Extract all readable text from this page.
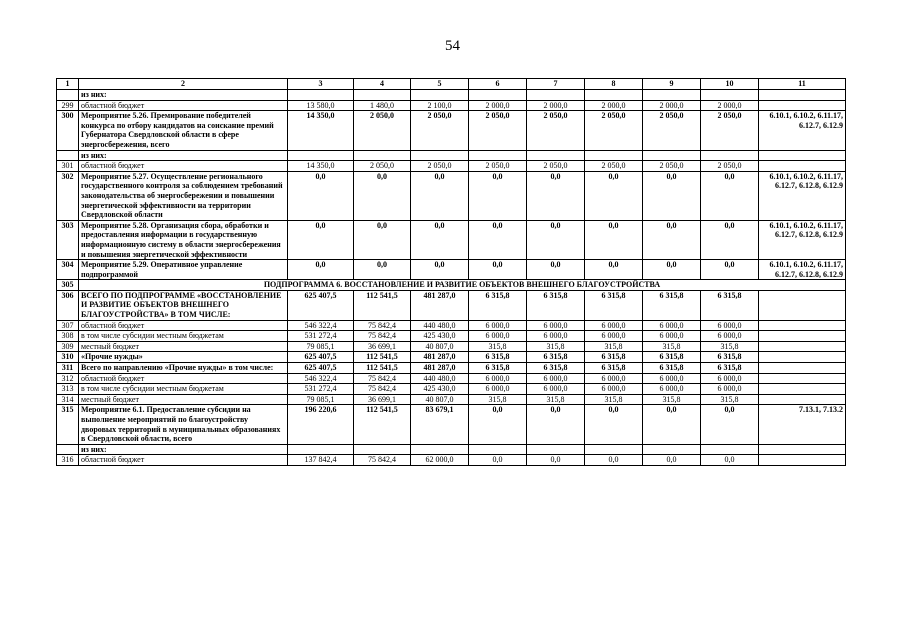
54
1	2	3	4	5	6	7	8	9	10	11
	из них:									
299	областной бюджет	13 580,0	1 480,0	2 100,0	2 000,0	2 000,0	2 000,0	2 000,0	2 000,0	
300	Мероприятие 5.26. Премирование победителей конкурса по отбору кандидатов на соискание премий Губернатора Свердловской области в сфере энергосбережения, всего	14 350,0	2 050,0	2 050,0	2 050,0	2 050,0	2 050,0	2 050,0	2 050,0	6.10.1, 6.10.2, 6.11.17, 6.12.7, 6.12.9
	из них:									
301	областной бюджет	14 350,0	2 050,0	2 050,0	2 050,0	2 050,0	2 050,0	2 050,0	2 050,0	
302	Мероприятие 5.27. Осуществление регионального государственного контроля за соблюдением требований законодательства об энергосбережении и повышении энергетической эффективности на территории Свердловской области	0,0	0,0	0,0	0,0	0,0	0,0	0,0	0,0	6.10.1, 6.10.2, 6.11.17, 6.12.7, 6.12.8, 6.12.9
303	Мероприятие 5.28. Организация сбора, обработки и предоставления информации в государственную информационную систему в области энергосбережения и повышения энергетической эффективности	0,0	0,0	0,0	0,0	0,0	0,0	0,0	0,0	6.10.1, 6.10.2, 6.11.17, 6.12.7, 6.12.8, 6.12.9
304	Мероприятие 5.29. Оперативное управление подпрограммой	0,0	0,0	0,0	0,0	0,0	0,0	0,0	0,0	6.10.1, 6.10.2, 6.11.17, 6.12.7, 6.12.8, 6.12.9
305	ПОДПРОГРАММА 6. ВОССТАНОВЛЕНИЕ И РАЗВИТИЕ ОБЪЕКТОВ ВНЕШНЕГО БЛАГОУСТРОЙСТВА									
306	ВСЕГО ПО ПОДПРОГРАММЕ «ВОССТАНОВЛЕНИЕ И РАЗВИТИЕ ОБЪЕКТОВ ВНЕШНЕГО БЛАГОУСТРОЙСТВА» В ТОМ ЧИСЛЕ:	625 407,5	112 541,5	481 287,0	6 315,8	6 315,8	6 315,8	6 315,8	6 315,8	
307	областной бюджет	546 322,4	75 842,4	440 480,0	6 000,0	6 000,0	6 000,0	6 000,0	6 000,0	
308	в том числе субсидии местным бюджетам	531 272,4	75 842,4	425 430,0	6 000,0	6 000,0	6 000,0	6 000,0	6 000,0	
309	местный бюджет	79 085,1	36 699,1	40 807,0	315,8	315,8	315,8	315,8	315,8	
310	«Прочие нужды»	625 407,5	112 541,5	481 287,0	6 315,8	6 315,8	6 315,8	6 315,8	6 315,8	
311	Всего по направлению «Прочие нужды» в том числе:	625 407,5	112 541,5	481 287,0	6 315,8	6 315,8	6 315,8	6 315,8	6 315,8	
312	областной бюджет	546 322,4	75 842,4	440 480,0	6 000,0	6 000,0	6 000,0	6 000,0	6 000,0	
313	в том числе субсидии местным бюджетам	531 272,4	75 842,4	425 430,0	6 000,0	6 000,0	6 000,0	6 000,0	6 000,0	
314	местный бюджет	79 085,1	36 699,1	40 807,0	315,8	315,8	315,8	315,8	315,8	
315	Мероприятие 6.1. Предоставление субсидии на выполнение мероприятий по благоустройству дворовых территорий в муниципальных образованиях в Свердловской области, всего	196 220,6	112 541,5	83 679,1	0,0	0,0	0,0	0,0	0,0	7.13.1, 7.13.2
	из них:									
316	областной бюджет	137 842,4	75 842,4	62 000,0	0,0	0,0	0,0	0,0	0,0	
